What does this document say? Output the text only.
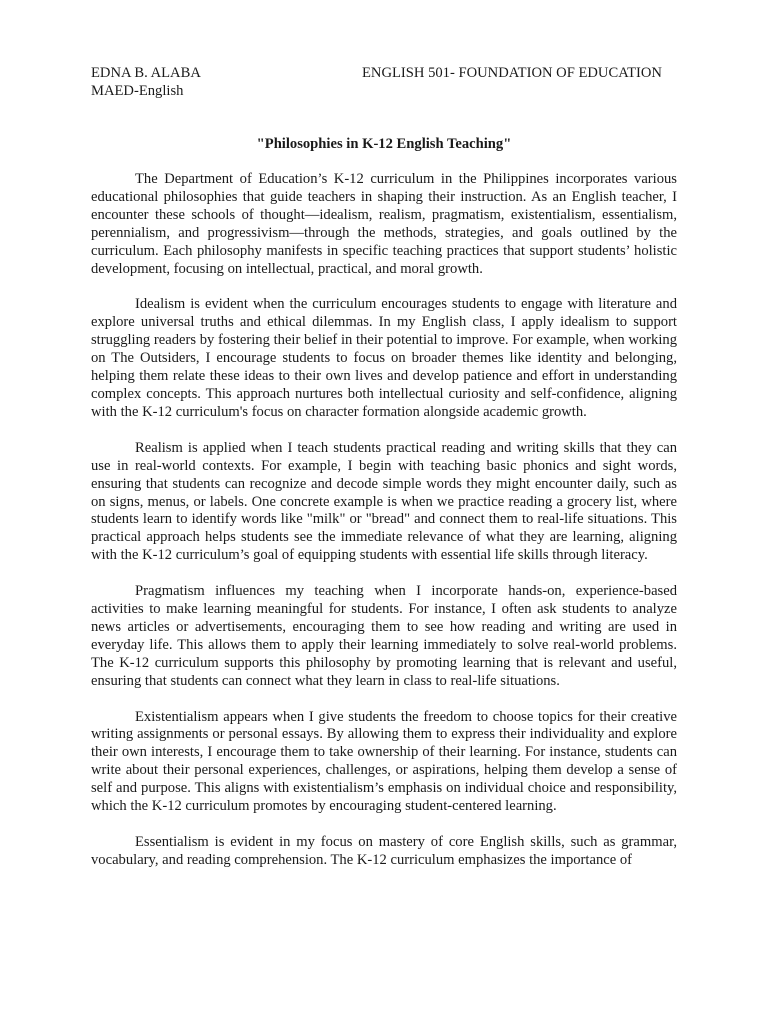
EDNA B. ALABA	ENGLISH 501- FOUNDATION OF EDUCATION
MAED-English
"Philosophies in K-12 English Teaching"

The Department of Education’s K-12 curriculum in the Philippines incorporates various educational philosophies that guide teachers in shaping their instruction. As an English teacher, I encounter these schools of thought—idealism, realism, pragmatism, existentialism, essentialism, perennialism, and progressivism—through the methods, strategies, and goals outlined by the curriculum. Each philosophy manifests in specific teaching practices that support students’ holistic development, focusing on intellectual, practical, and moral growth.

Idealism is evident when the curriculum encourages students to engage with literature and explore universal truths and ethical dilemmas. In my English class, I apply idealism to support struggling readers by fostering their belief in their potential to improve. For example, when working on The Outsiders, I encourage students to focus on broader themes like identity and belonging, helping them relate these ideas to their own lives and develop patience and effort in understanding complex concepts. This approach nurtures both intellectual curiosity and self-confidence, aligning with the K-12 curriculum's focus on character formation alongside academic growth.

Realism is applied when I teach students practical reading and writing skills that they can use in real-world contexts. For example, I begin with teaching basic phonics and sight words, ensuring that students can recognize and decode simple words they might encounter daily, such as on signs, menus, or labels. One concrete example is when we practice reading a grocery list, where students learn to identify words like "milk" or "bread" and connect them to real-life situations. This practical approach helps students see the immediate relevance of what they are learning, aligning with the K-12 curriculum’s goal of equipping students with essential life skills through literacy.

Pragmatism influences my teaching when I incorporate hands-on, experience-based activities to make learning meaningful for students. For instance, I often ask students to analyze news articles or advertisements, encouraging them to see how reading and writing are used in everyday life. This allows them to apply their learning immediately to solve real-world problems. The K-12 curriculum supports this philosophy by promoting learning that is relevant and useful, ensuring that students can connect what they learn in class to real-life situations.

Existentialism appears when I give students the freedom to choose topics for their creative writing assignments or personal essays. By allowing them to express their individuality and explore their own interests, I encourage them to take ownership of their learning. For instance, students can write about their personal experiences, challenges, or aspirations, helping them develop a sense of self and purpose. This aligns with existentialism’s emphasis on individual choice and responsibility, which the K-12 curriculum promotes by encouraging student-centered learning.

Essentialism is evident in my focus on mastery of core English skills, such as grammar, vocabulary, and reading comprehension. The K-12 curriculum emphasizes the importance of
